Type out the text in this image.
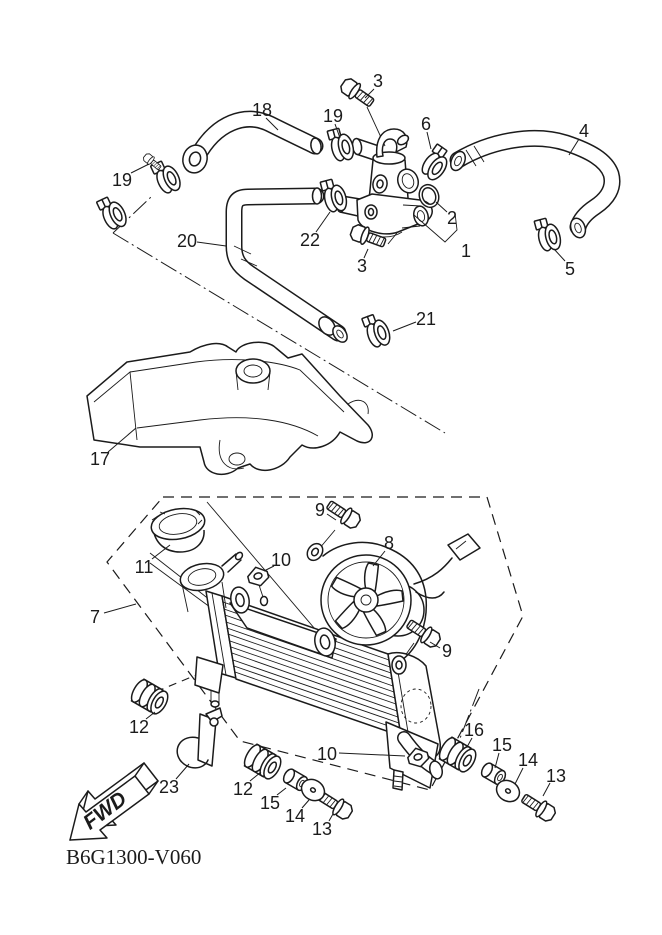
FWD
3
19	6	4
18
19
2
1
5
20	22
3
21
17
11
7
10
9
8
9
12
23	12
15
14
13
10
16
15
14
13
B6G1300-V060
